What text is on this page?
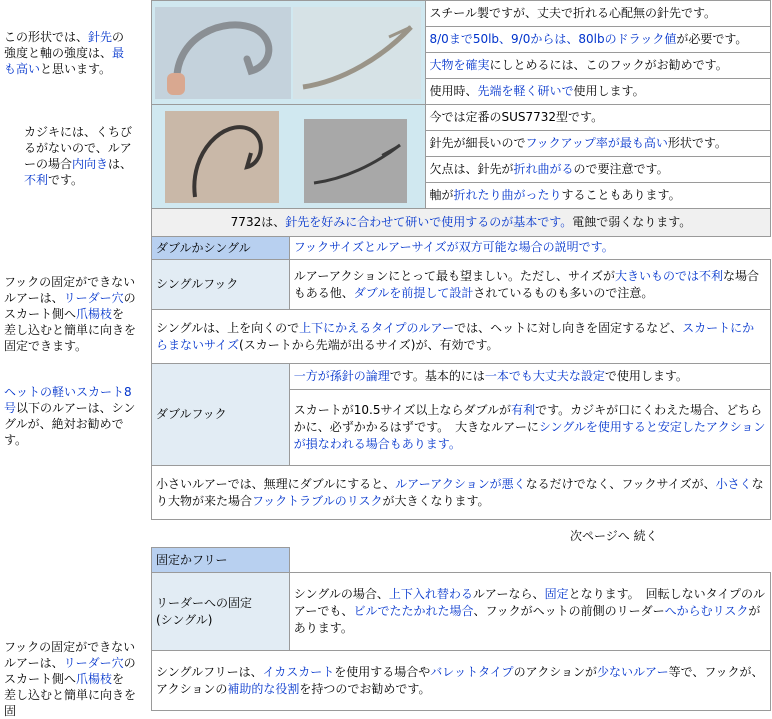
この形状では、針先の強度と軸の強度は、最も高いと思います。
カジキには、くちびるがないので、ルアーの場合内向きは、不利です。
フックの固定ができないルアーは、リーダー穴のスカート側へ爪楊枝を差し込むと簡単に向きを固定できます。
ヘットの軽いスカート8号以下のルアーは、シングルが、絶対お勧めです。
フックの固定ができないルアーは、リーダー穴のスカート側へ爪楊枝を差し込むと簡単に向きを固
	スチール製ですが、丈夫で折れる心配無の針先です。
	8/0まで50lb、9/0からは、80lbのドラック値が必要です。
	大物を確実にしとめるには、このフックがお勧めです。
	使用時、先端を軽く研いで使用します。

	今では定番のSUS7732型です。
	針先が細長いのでフックアップ率が最も高い形状です。
	欠点は、針先が折れ曲がるので要注意です。
	軸が折れたり曲がったりすることもあります。
7732は、針先を好みに合わせて研いで使用するのが基本です。電蝕で弱くなります。	
ダブルかシングル	フックサイズとルアーサイズが双方可能な場合の説明です。
シングルフック	ルアーアクションにとって最も望ましい。ただし、サイズが大きいものでは不利な場合もある他、ダブルを前提して設計されているものも多いので注意。
シングルは、上を向くので上下にかえるタイプのルアーでは、ヘットに対し向きを固定するなど、スカートにからまないサイズ(スカートから先端が出るサイズ)が、有効です。	
ダブルフック	一方が孫針の論理です。基本的には一本でも大丈夫な設定で使用します。
	スカートが10.5サイズ以上ならダブルが有利です。カジキが口にくわえた場合、どちらかに、必ずかかるはずです。　大きなルアーにシングルを使用すると安定したアクションが損なわれる場合もあります。
小さいルアーでは、無理にダブルにすると、ルアーアクションが悪くなるだけでなく、フックサイズが、小さくなり大物が来た場合フックトラブルのリスクが大きくなります。	
次ページへ 続く
固定かフリー	
リーダーへの固定
(シングル)	シングルの場合、上下入れ替わるルアーなら、固定となります。　回転しないタイプのルアーでも、ビルでたたかれた場合、フックがヘットの前側のリーダーへからむリスクがあります。
シングルフリーは、イカスカートを使用する場合やバレットタイプのアクションが少ないルアー等で、フックが、アクションの補助的な役割を持つのでお勧めです。	
